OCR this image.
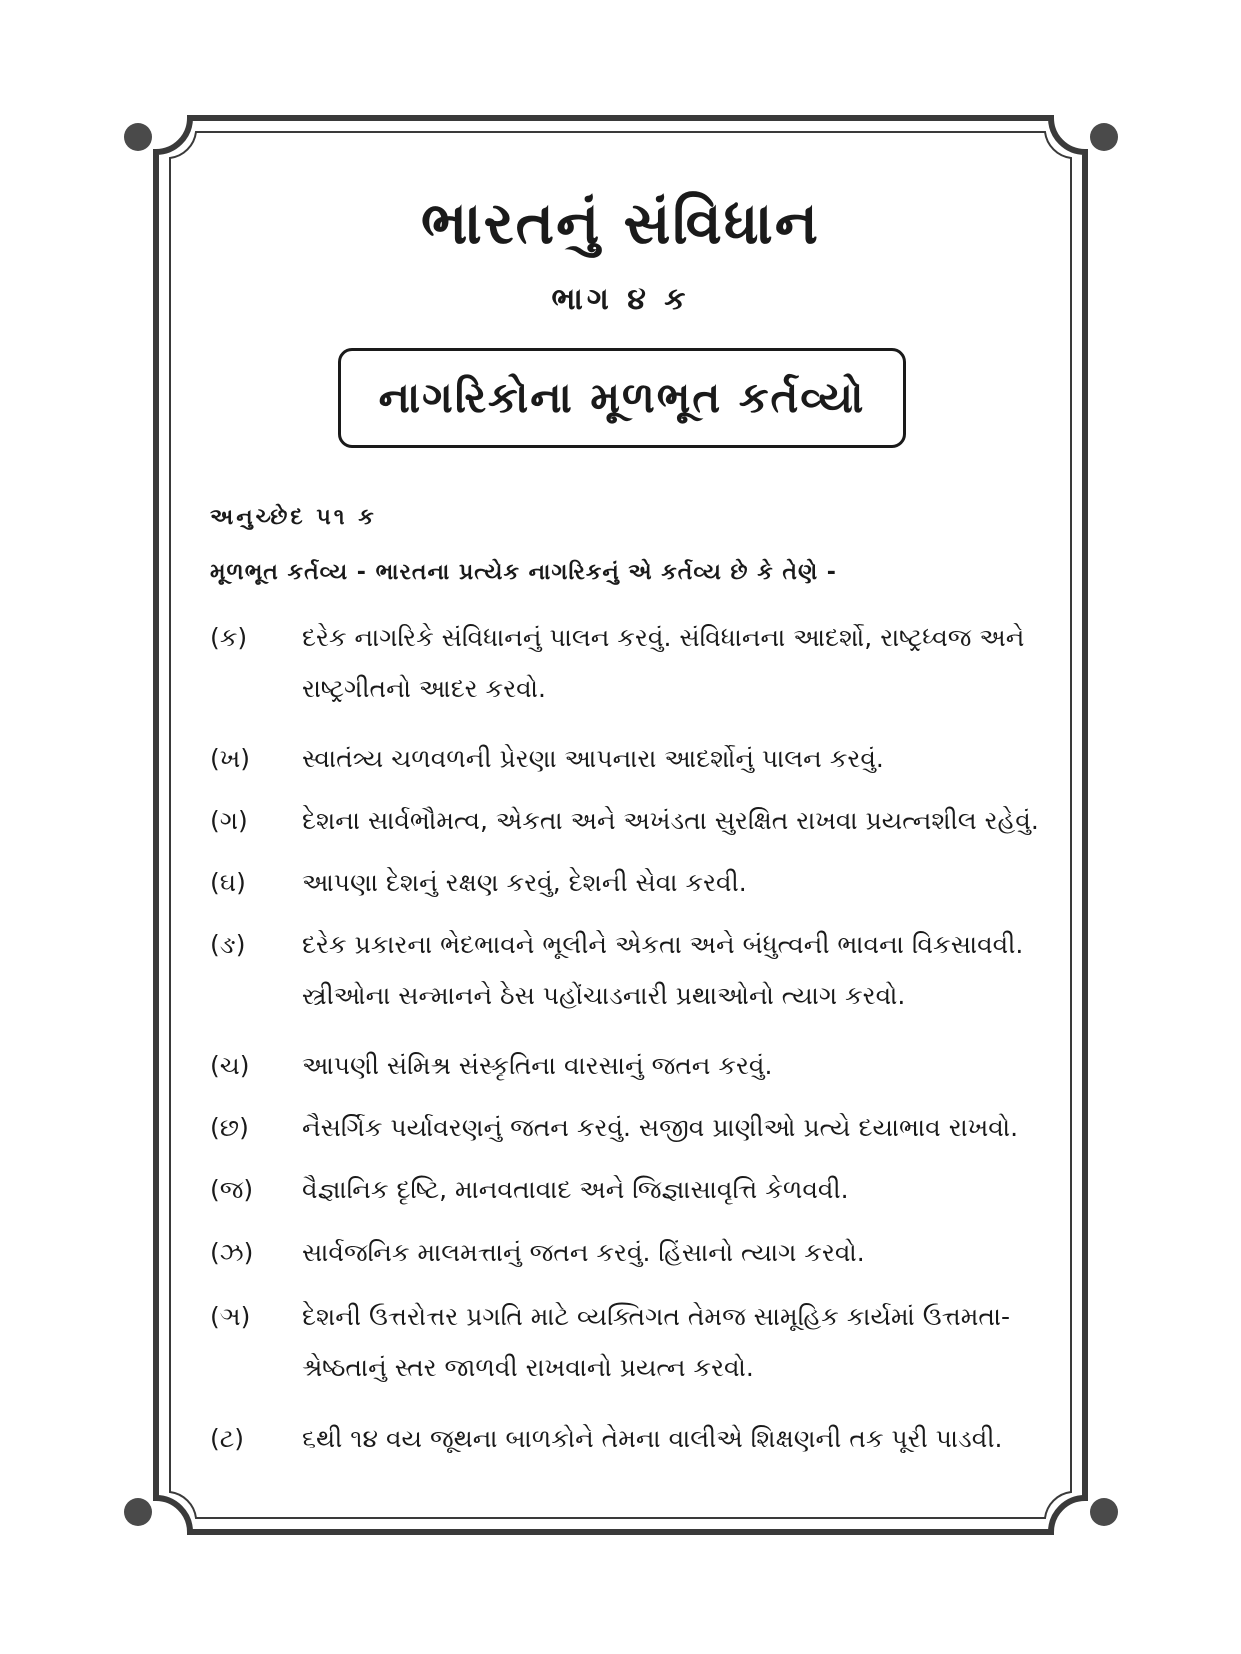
ભારતનું સંવિધાન
ભાગ ૪ ક
નાગરિકોના મૂળભૂત કર્તવ્યો
અનુચ્છેદ ૫૧ ક
મૂળભૂત કર્તવ્ય - ભારતના પ્રત્યેક નાગરિકનું એ કર્તવ્ય છે કે તેણે -
(ક)	દરેક નાગરિકે સંવિધાનનું પાલન કરવું. સંવિધાનના આદર્શો, રાષ્ટ્રધ્વજ અને
રાષ્ટ્રગીતનો આદર કરવો.
(ખ)	સ્વાતંત્ર્ય ચળવળની પ્રેરણા આપનારા આદર્શોનું પાલન કરવું.
(ગ)	દેશના સાર્વભૌમત્વ, એકતા અને અખંડતા સુરક્ષિત રાખવા પ્રયત્નશીલ રહેવું.
(ઘ)	આપણા દેશનું રક્ષણ કરવું, દેશની સેવા કરવી.
(ઙ)	દરેક પ્રકારના ભેદભાવને ભૂલીને એકતા અને બંધુત્વની ભાવના વિકસાવવી.
સ્ત્રીઓના સન્માનને ઠેસ પહોંચાડનારી પ્રથાઓનો ત્યાગ કરવો.
(ચ)	આપણી સંમિશ્ર સંસ્કૃતિના વારસાનું જતન કરવું.
(છ)	નૈસર્ગિક પર્યાવરણનું જતન કરવું. સજીવ પ્રાણીઓ પ્રત્યે દયાભાવ રાખવો.
(જ)	વૈજ્ઞાનિક દૃષ્ટિ, માનવતાવાદ અને જિજ્ઞાસાવૃત્તિ કેળવવી.
(ઝ)	સાર્વજનિક માલમત્તાનું જતન કરવું. હિંસાનો ત્યાગ કરવો.
(ઞ)	દેશની ઉત્તરોત્તર પ્રગતિ માટે વ્યક્તિગત તેમજ સામૂહિક કાર્યમાં ઉત્તમતા-
શ્રેષ્ઠતાનું સ્તર જાળવી રાખવાનો પ્રયત્ન કરવો.
(ટ)	૬થી ૧૪ વય જૂથના બાળકોને તેમના વાલીએ શિક્ષણની તક પૂરી પાડવી.
